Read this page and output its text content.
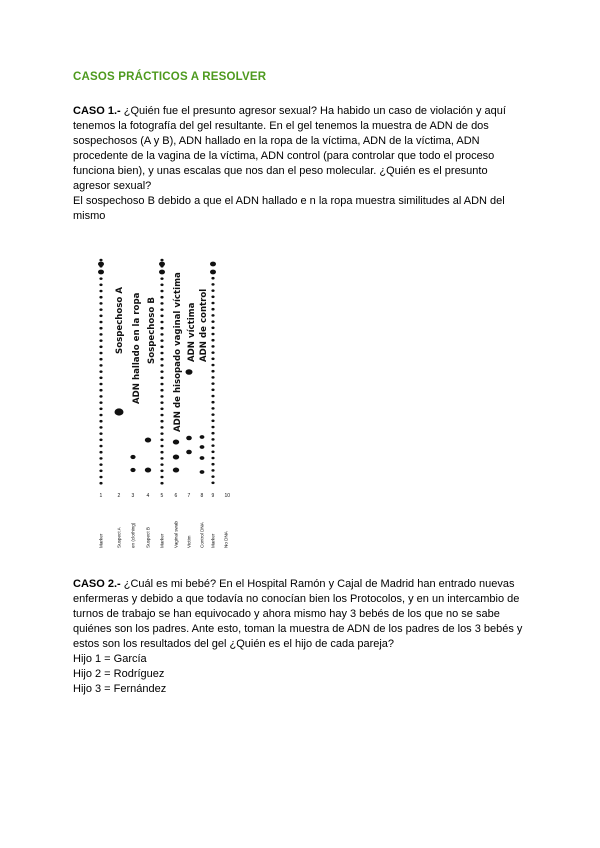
CASOS PRÁCTICOS A RESOLVER
CASO 1.- ¿Quién fue el presunto agresor sexual? Ha habido un caso de violación y aquí
tenemos la fotografía del gel resultante. En el gel tenemos la muestra de ADN de dos
sospechosos (A y B), ADN hallado en la ropa de la víctima, ADN de la víctima, ADN
procedente de la vagina de la víctima, ADN control (para controlar que todo el proceso
funciona bien), y unas escalas que nos dan el peso molecular. ¿Quién es el presunto
agresor sexual?
El sospechoso B debido a que el ADN hallado e n la ropa muestra similitudes al ADN del
mismo
Sospechoso A ADN hallado en la ropa Sospechoso B ADN de hisopado vaginal víctima ADN víctima ADN de control
1	2 3 4 5 6 7 8 9 10
Marker	Suspect A en (clothing) Suspect B Marker Vaginal swab Victim Control DNA Marker No DNA
CASO 2.- ¿Cuál es mi bebé? En el Hospital Ramón y Cajal de Madrid han entrado nuevas
enfermeras y debido a que todavía no conocían bien los Protocolos, y en un intercambio de
turnos de trabajo se han equivocado y ahora mismo hay 3 bebés de los que no se sabe
quiénes son los padres. Ante esto, toman la muestra de ADN de los padres de los 3 bebés y
estos son los resultados del gel ¿Quién es el hijo de cada pareja?
Hijo 1 = García
Hijo 2 = Rodríguez
Hijo 3 = Fernández
